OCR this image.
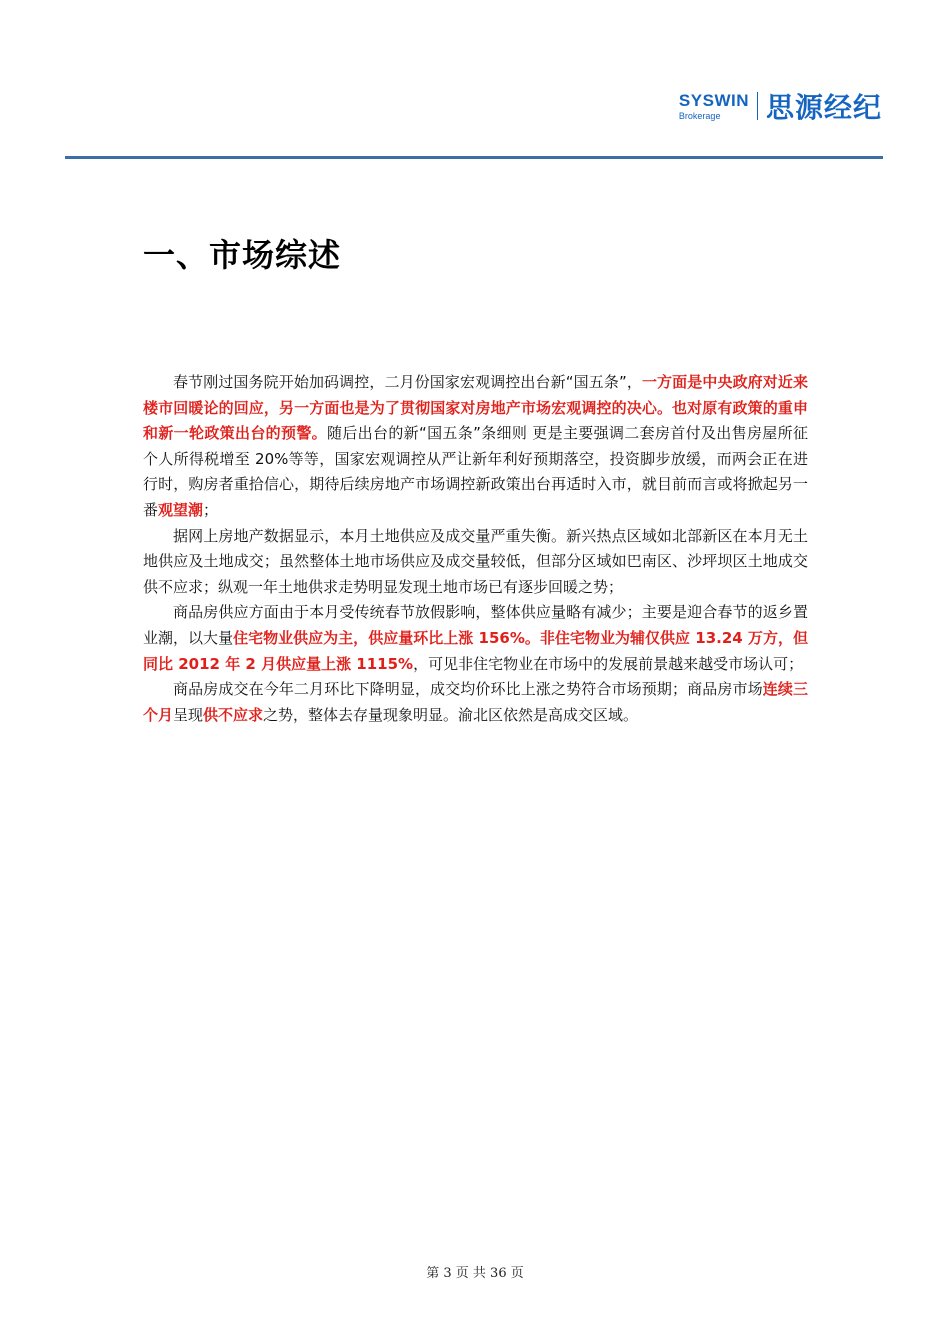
SYSWIN
Brokerage	思源经纪
一、市场综述

春节刚过国务院开始加码调控，二月份国家宏观调控出台新“国五条”，一方面是中央政府对近来楼市回暖论的回应，另一方面也是为了贯彻国家对房地产市场宏观调控的决心。也对原有政策的重申和新一轮政策出台的预警。随后出台的新“国五条”条细则 更是主要强调二套房首付及出售房屋所征个人所得税增至 20%等等，国家宏观调控从严让新年利好预期落空，投资脚步放缓，而两会正在进行时，购房者重拾信心，期待后续房地产市场调控新政策出台再适时入市，就目前而言或将掀起另一番观望潮；

据网上房地产数据显示，本月土地供应及成交量严重失衡。新兴热点区域如北部新区在本月无土地供应及土地成交；虽然整体土地市场供应及成交量较低，但部分区域如巴南区、沙坪坝区土地成交供不应求；纵观一年土地供求走势明显发现土地市场已有逐步回暖之势；

商品房供应方面由于本月受传统春节放假影响，整体供应量略有减少；主要是迎合春节的返乡置业潮，以大量住宅物业供应为主，供应量环比上涨 156%。非住宅物业为辅仅供应 13.24 万方，但同比 2012 年 2 月供应量上涨 1115%，可见非住宅物业在市场中的发展前景越来越受市场认可；

商品房成交在今年二月环比下降明显，成交均价环比上涨之势符合市场预期；商品房市场连续三个月呈现供不应求之势，整体去存量现象明显。渝北区依然是高成交区域。

第 3 页 共 36 页
